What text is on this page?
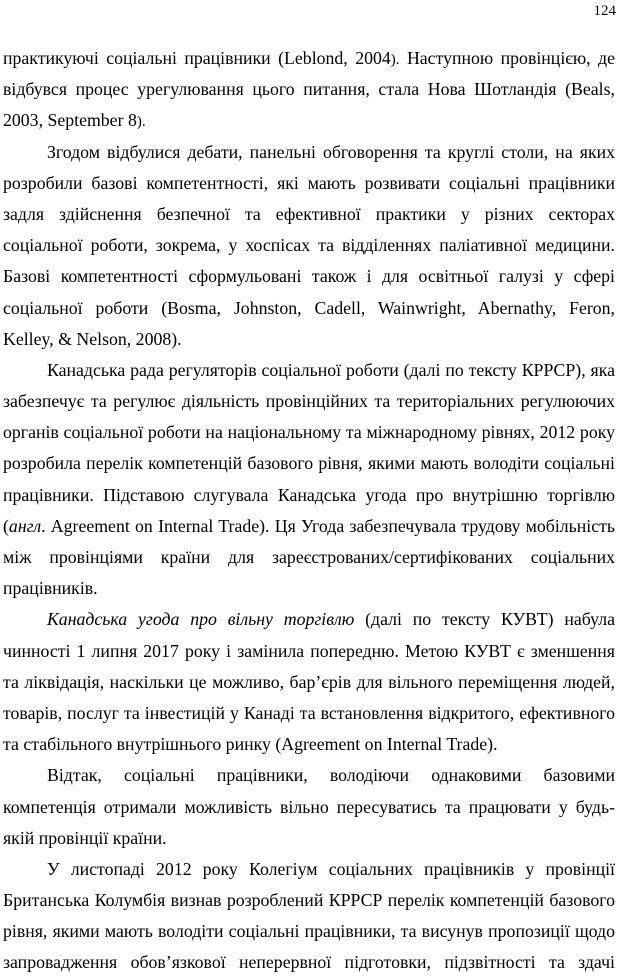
124
практикуючі соціальні працівники (Leblond, 2004). Наступною провінцією, де
відбувся процес урегулювання цього питання, стала Нова Шотландія (Beals,
2003, September 8).
Згодом відбулися дебати, панельні обговорення та круглі столи, на яких
розробили базові компетентності, які мають розвивати соціальні працівники
задля здійснення безпечної та ефективної практики у різних секторах
соціальної роботи, зокрема, у хоспісах та відділеннях паліативної медицини.
Базові компетентності сформульовані також і для освітньої галузі у сфері
соціальної роботи (Bosma, Johnston, Cadell, Wainwright, Abernathy, Feron,
Kelley, & Nelson, 2008).
Канадська рада регуляторів соціальної роботи (далі по тексту КРРСР), яка
забезпечує та регулює діяльність провінційних та територіальних регулюючих
органів соціальної роботи на національному та міжнародному рівнях, 2012 року
розробила перелік компетенцій базового рівня, якими мають володіти соціальні
працівники. Підставою слугувала Канадська угода про внутрішню торгівлю
(англ. Agreement on Internal Trade). Ця Угода забезпечувала трудову мобільність
між провінціями країни для зареєстрованих/сертифікованих соціальних
працівників.
Канадська угода про вільну торгівлю (далі по тексту КУВТ) набула
чинності 1 липня 2017 року і замінила попередню. Метою КУВТ є зменшення
та ліквідація, наскільки це можливо, бар’єрів для вільного переміщення людей,
товарів, послуг та інвестицій у Канаді та встановлення відкритого, ефективного
та стабільного внутрішнього ринку (Agreement on Internal Trade).
Відтак, соціальні працівники, володіючи однаковими базовими
компетенція отримали можливість вільно пересуватись та працювати у будь-
якій провінції країни.
У листопаді 2012 року Колегіум соціальних працівників у провінції
Британська Колумбія визнав розроблений КРРСР перелік компетенцій базового
рівня, якими мають володіти соціальні працівники, та висунув пропозиції щодо
запровадження обов’язкової неперервної підготовки, підзвітності та здачі
